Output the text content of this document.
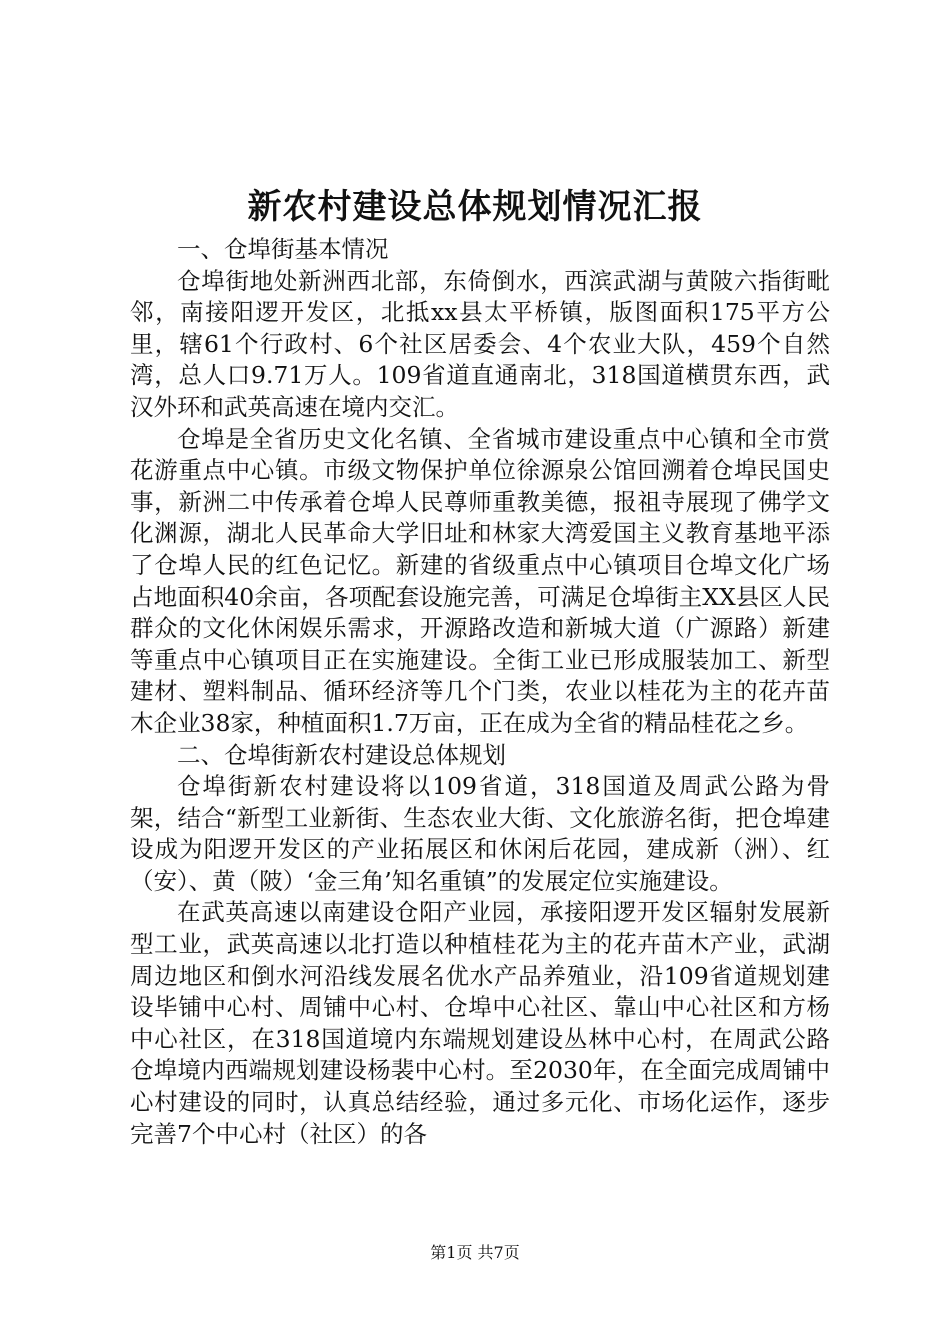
新农村建设总体规划情况汇报

一、仓埠街基本情况

仓埠街地处新洲西北部，东倚倒水，西滨武湖与黄陂六指街毗邻，南接阳逻开发区，北抵xx县太平桥镇，版图面积175平方公里，辖61个行政村、6个社区居委会、4个农业大队，459个自然湾，总人口9.71万人。109省道直通南北，318国道横贯东西，武汉外环和武英高速在境内交汇。

仓埠是全省历史文化名镇、全省城市建设重点中心镇和全市赏花游重点中心镇。市级文物保护单位徐源泉公馆回溯着仓埠民国史事，新洲二中传承着仓埠人民尊师重教美德，报祖寺展现了佛学文化渊源，湖北人民革命大学旧址和林家大湾爱国主义教育基地平添了仓埠人民的红色记忆。新建的省级重点中心镇项目仓埠文化广场占地面积40余亩，各项配套设施完善，可满足仓埠街主XX县区人民群众的文化休闲娱乐需求，开源路改造和新城大道（广源路）新建等重点中心镇项目正在实施建设。全街工业已形成服装加工、新型建材、塑料制品、循环经济等几个门类，农业以桂花为主的花卉苗木企业38家，种植面积1.7万亩，正在成为全省的精品桂花之乡。

二、仓埠街新农村建设总体规划

仓埠街新农村建设将以109省道，318国道及周武公路为骨架，结合“新型工业新街、生态农业大街、文化旅游名街，把仓埠建设成为阳逻开发区的产业拓展区和休闲后花园，建成新（洲）、红（安）、黄（陂）‘金三角’知名重镇”的发展定位实施建设。

在武英高速以南建设仓阳产业园，承接阳逻开发区辐射发展新型工业，武英高速以北打造以种植桂花为主的花卉苗木产业，武湖周边地区和倒水河沿线发展名优水产品养殖业，沿109省道规划建设毕铺中心村、周铺中心村、仓埠中心社区、靠山中心社区和方杨中心社区，在318国道境内东端规划建设丛林中心村，在周武公路仓埠境内西端规划建设杨裴中心村。至2030年，在全面完成周铺中心村建设的同时，认真总结经验，通过多元化、市场化运作，逐步完善7个中心村（社区）的各

第1页 共7页
